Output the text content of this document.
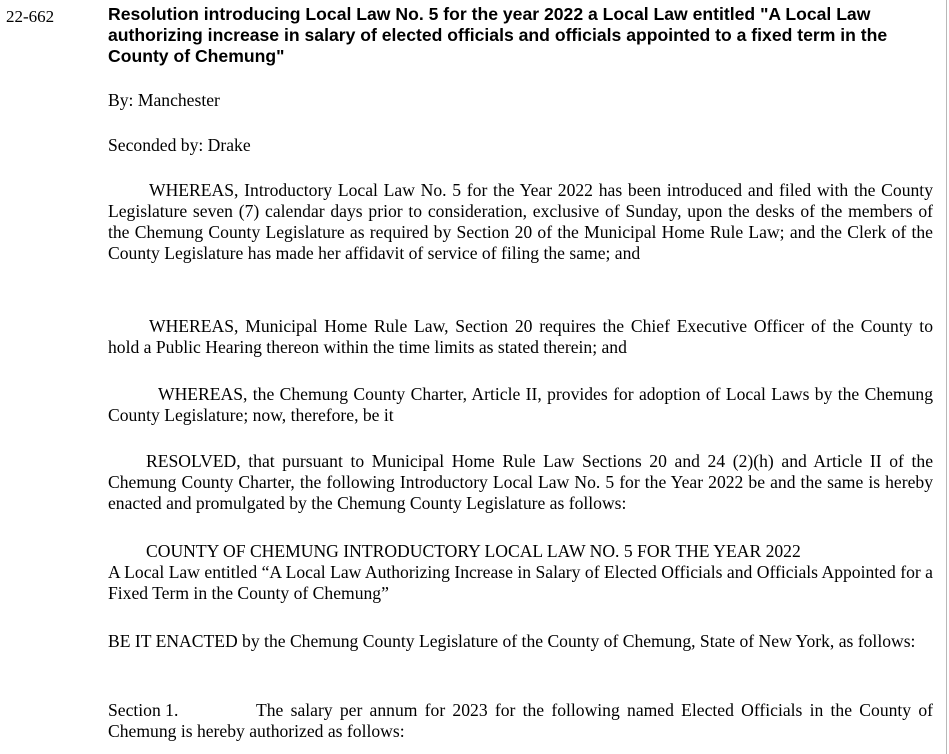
22-662	Resolution introducing Local Law No. 5 for the year 2022 a Local Law entitled "A Local Law authorizing increase in salary of elected officials and officials appointed to a fixed term in the County of Chemung"

By: Manchester

Seconded by: Drake

WHEREAS, Introductory Local Law No. 5 for the Year 2022 has been introduced and filed with the County Legislature seven (7) calendar days prior to consideration, exclusive of Sunday, upon the desks of the members of the Chemung County Legislature as required by Section 20 of the Municipal Home Rule Law; and the Clerk of the County Legislature has made her affidavit of service of filing the same; and

WHEREAS, Municipal Home Rule Law, Section 20 requires the Chief Executive Officer of the County to hold a Public Hearing thereon within the time limits as stated therein; and

WHEREAS, the Chemung County Charter, Article II, provides for adoption of Local Laws by the Chemung County Legislature; now, therefore, be it

RESOLVED, that pursuant to Municipal Home Rule Law Sections 20 and 24 (2)(h) and Article II of the Chemung County Charter, the following Introductory Local Law No. 5 for the Year 2022 be and the same is hereby enacted and promulgated by the Chemung County Legislature as follows:

COUNTY OF CHEMUNG INTRODUCTORY LOCAL LAW NO. 5 FOR THE YEAR 2022

A Local Law entitled “A Local Law Authorizing Increase in Salary of Elected Officials and Officials Appointed for a Fixed Term in the County of Chemung”

BE IT ENACTED by the Chemung County Legislature of the County of Chemung, State of New York, as follows:

Section 1.	The salary per annum for 2023 for the following named Elected Officials in the County of Chemung is hereby authorized as follows:
